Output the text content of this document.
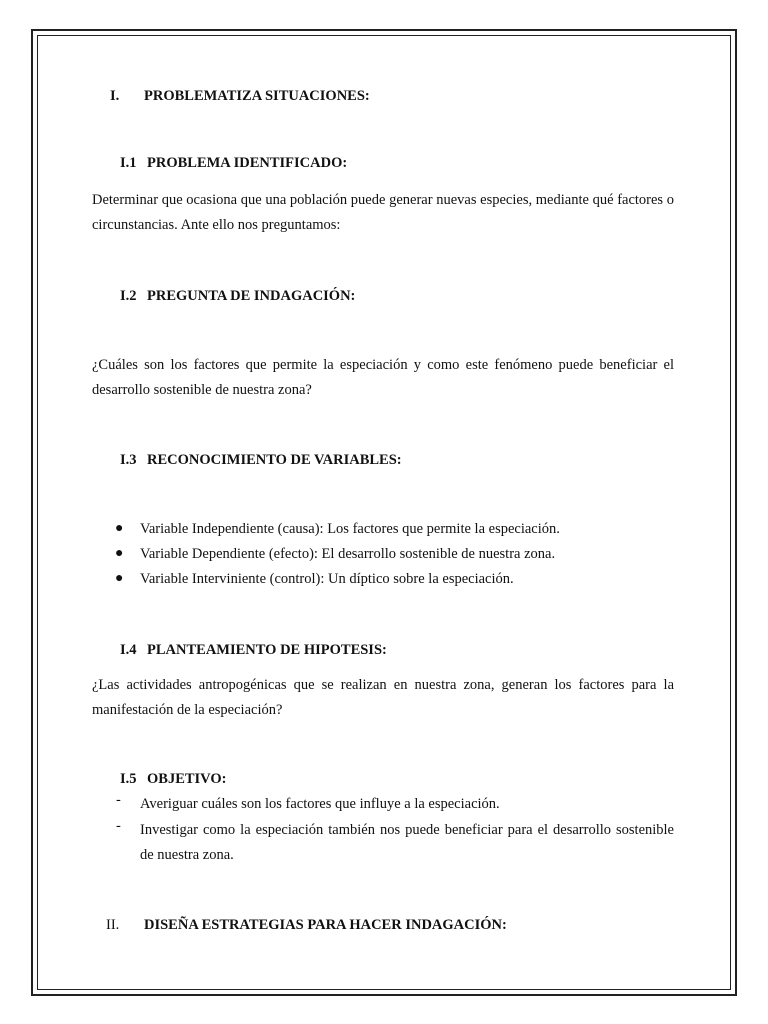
I. PROBLEMATIZA SITUACIONES:
I.1 PROBLEMA IDENTIFICADO:
Determinar que ocasiona que una población puede generar nuevas especies, mediante qué factores o circunstancias. Ante ello nos preguntamos:
I.2 PREGUNTA DE INDAGACIÓN:
¿Cuáles son los factores que permite la especiación y como este fenómeno puede beneficiar el desarrollo sostenible de nuestra zona?
I.3 RECONOCIMIENTO DE VARIABLES:
● Variable Independiente (causa): Los factores que permite la especiación.
● Variable Dependiente (efecto): El desarrollo sostenible de nuestra zona.
● Variable Interviniente (control): Un díptico sobre la especiación.
I.4 PLANTEAMIENTO DE HIPOTESIS:
¿Las actividades antropogénicas que se realizan en nuestra zona, generan los factores para la manifestación de la especiación?
I.5 OBJETIVO:
- Averiguar cuáles son los factores que influye a la especiación.
- Investigar como la especiación también nos puede beneficiar para el desarrollo sostenible de nuestra zona.
II. DISEÑA ESTRATEGIAS PARA HACER INDAGACIÓN:
